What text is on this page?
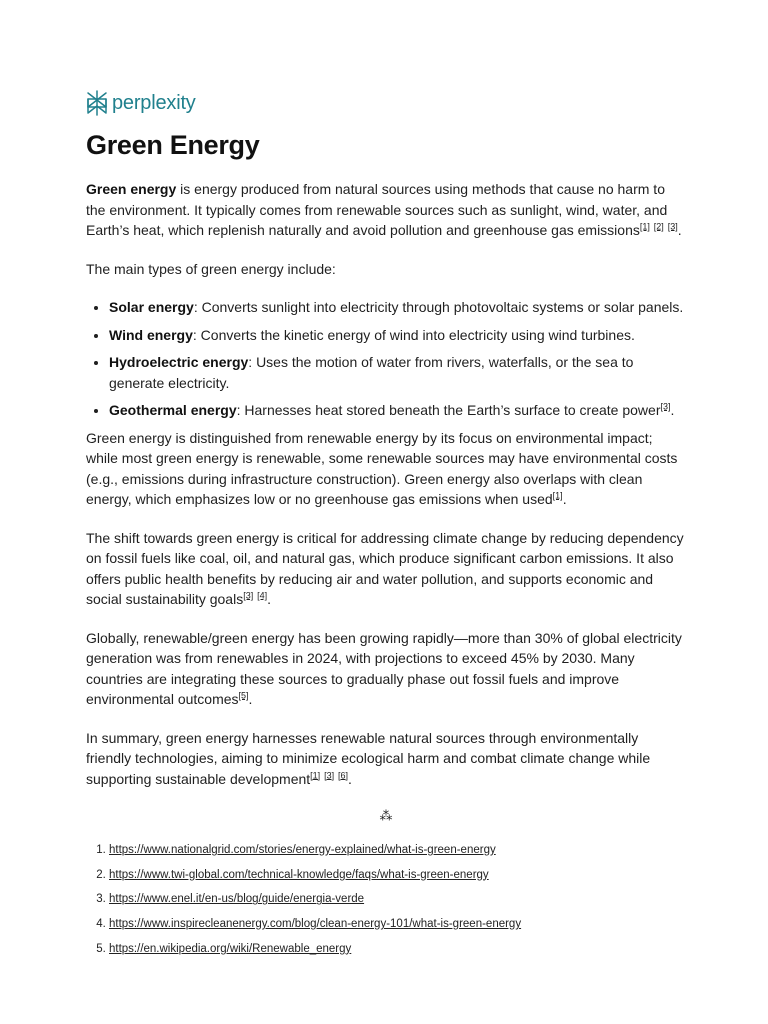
perplexity
Green Energy

Green energy is energy produced from natural sources using methods that cause no harm to the environment. It typically comes from renewable sources such as sunlight, wind, water, and Earth’s heat, which replenish naturally and avoid pollution and greenhouse gas emissions[1] [2] [3].

The main types of green energy include:

• Solar energy: Converts sunlight into electricity through photovoltaic systems or solar panels.
• Wind energy: Converts the kinetic energy of wind into electricity using wind turbines.
• Hydroelectric energy: Uses the motion of water from rivers, waterfalls, or the sea to generate electricity.
• Geothermal energy: Harnesses heat stored beneath the Earth’s surface to create power[3].

Green energy is distinguished from renewable energy by its focus on environmental impact; while most green energy is renewable, some renewable sources may have environmental costs (e.g., emissions during infrastructure construction). Green energy also overlaps with clean energy, which emphasizes low or no greenhouse gas emissions when used[1].

The shift towards green energy is critical for addressing climate change by reducing dependency on fossil fuels like coal, oil, and natural gas, which produce significant carbon emissions. It also offers public health benefits by reducing air and water pollution, and supports economic and social sustainability goals[3] [4].

Globally, renewable/green energy has been growing rapidly—more than 30% of global electricity generation was from renewables in 2024, with projections to exceed 45% by 2030. Many countries are integrating these sources to gradually phase out fossil fuels and improve environmental outcomes[5].

In summary, green energy harnesses renewable natural sources through environmentally friendly technologies, aiming to minimize ecological harm and combat climate change while supporting sustainable development[1] [3] [6].

⁂
1. https://www.nationalgrid.com/stories/energy-explained/what-is-green-energy
2. https://www.twi-global.com/technical-knowledge/faqs/what-is-green-energy
3. https://www.enel.it/en-us/blog/guide/energia-verde
4. https://www.inspirecleanenergy.com/blog/clean-energy-101/what-is-green-energy
5. https://en.wikipedia.org/wiki/Renewable_energy
